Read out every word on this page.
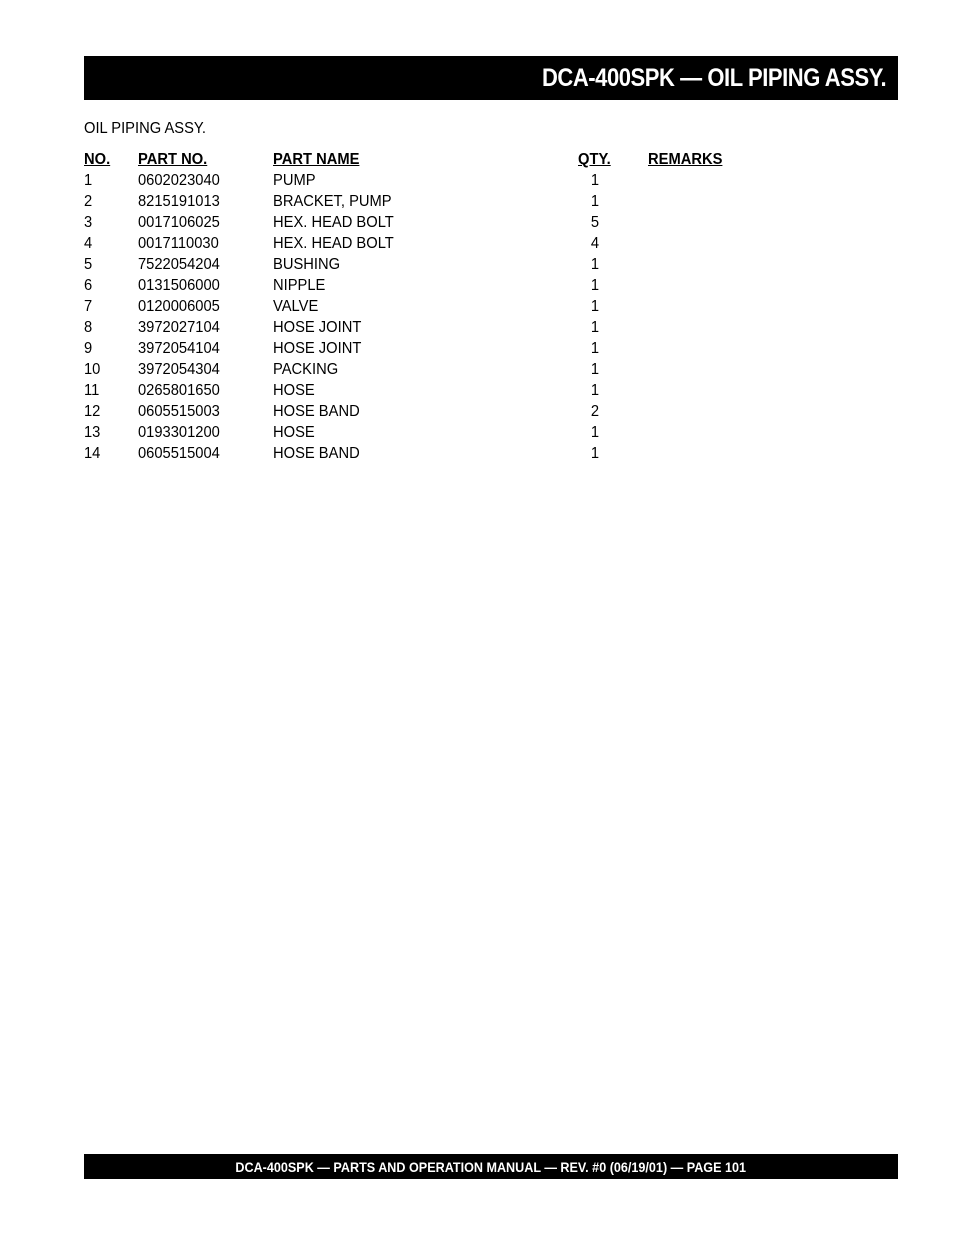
DCA-400SPK — OIL PIPING ASSY.
OIL PIPING ASSY.
NO. PART NO.	PART NAME	QTY. REMARKS
1	0602023040	PUMP	1
2	8215191013	BRACKET, PUMP	1
3	0017106025	HEX. HEAD BOLT	5
4	0017110030	HEX. HEAD BOLT	4
5	7522054204	BUSHING	1
6	0131506000	NIPPLE	1
7	0120006005	VALVE	1
8	3972027104	HOSE JOINT	1
9	3972054104	HOSE JOINT	1
10 3972054304	PACKING	1
11 0265801650	HOSE	1
12 0605515003	HOSE BAND	2
13 0193301200	HOSE	1
14 0605515004	HOSE BAND	1
DCA-400SPK — PARTS AND OPERATION MANUAL — REV. #0 (06/19/01) — PAGE 101
